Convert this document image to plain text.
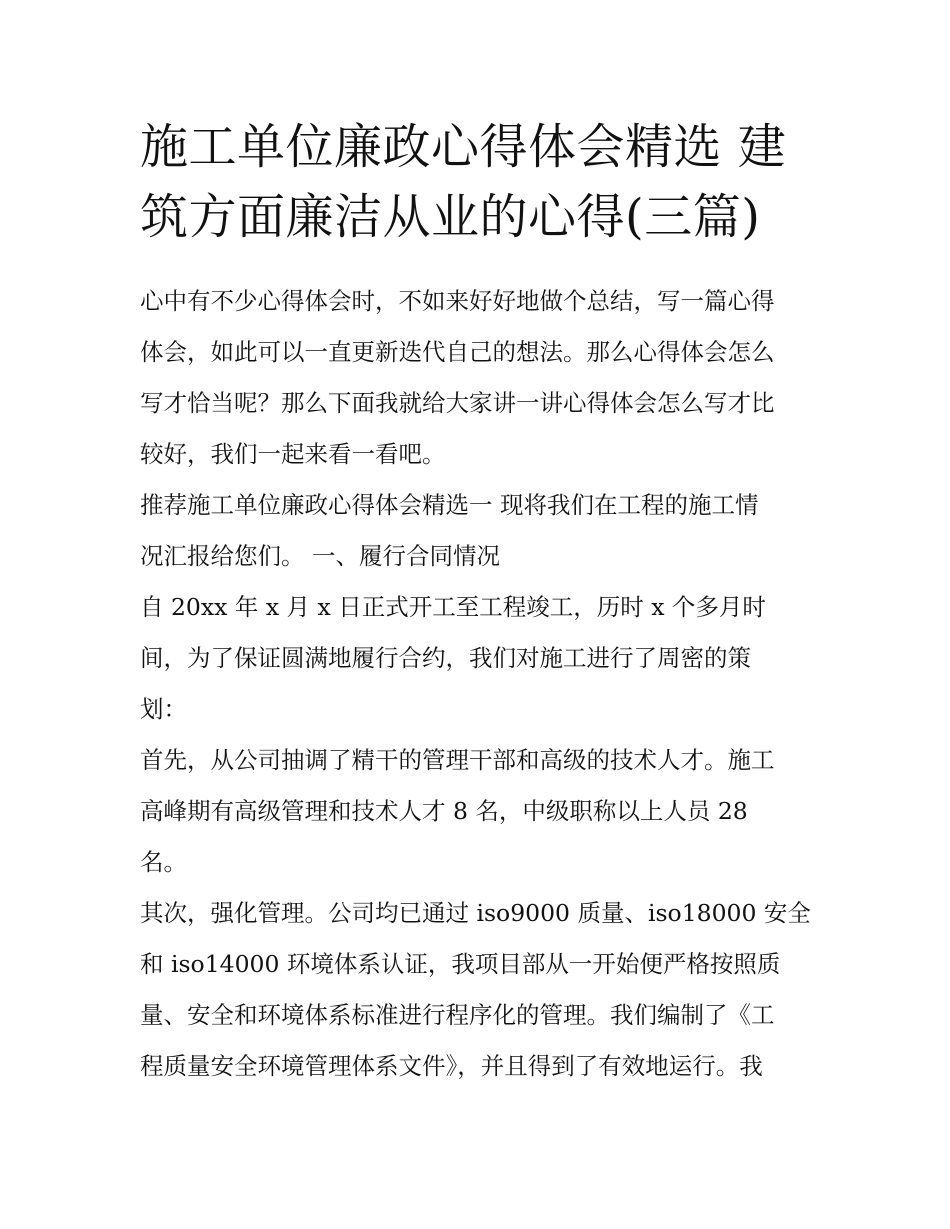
施工单位廉政心得体会精选 建
筑方面廉洁从业的心得(三篇)

心中有不少心得体会时，不如来好好地做个总结，写一篇心得

体会，如此可以一直更新迭代自己的想法。那么心得体会怎么

写才恰当呢？那么下面我就给大家讲一讲心得体会怎么写才比

较好，我们一起来看一看吧。

推荐施工单位廉政心得体会精选一 现将我们在工程的施工情

况汇报给您们。 一、履行合同情况

自 20xx 年 x 月 x 日正式开工至工程竣工，历时 x 个多月时

间，为了保证圆满地履行合约，我们对施工进行了周密的策

划：

首先，从公司抽调了精干的管理干部和高级的技术人才。施工

高峰期有高级管理和技术人才 8 名，中级职称以上人员 28

名。

其次，强化管理。公司均已通过 iso9000 质量、iso18000 安全

和 iso14000 环境体系认证，我项目部从一开始便严格按照质

量、安全和环境体系标准进行程序化的管理。我们编制了《工

程质量安全环境管理体系文件》，并且得到了有效地运行。我
